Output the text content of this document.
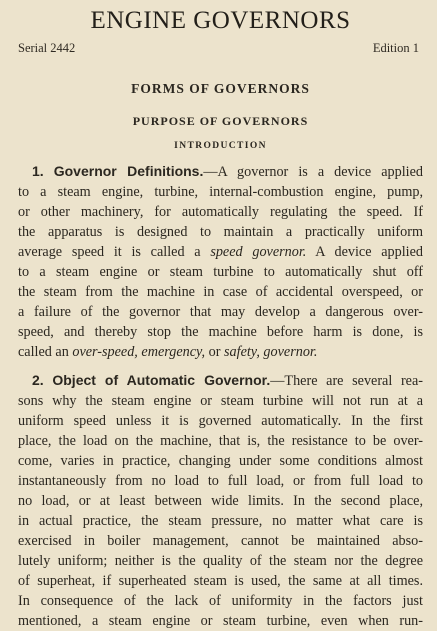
ENGINE GOVERNORS
Serial 2442	Edition 1
FORMS OF GOVERNORS
PURPOSE OF GOVERNORS
INTRODUCTION
1. Governor Definitions.—A governor is a device applied
to a steam engine, turbine, internal-combustion engine, pump,
or other machinery, for automatically regulating the speed. If
the apparatus is designed to maintain a practically uniform
average speed it is called a speed governor. A device applied
to a steam engine or steam turbine to automatically shut off
the steam from the machine in case of accidental overspeed, or
a failure of the governor that may develop a dangerous over-
speed, and thereby stop the machine before harm is done, is
called an over-speed, emergency, or safety, governor.
2. Object of Automatic Governor.—There are several rea-
sons why the steam engine or steam turbine will not run at a
uniform speed unless it is governed automatically. In the first
place, the load on the machine, that is, the resistance to be over-
come, varies in practice, changing under some conditions almost
instantaneously from no load to full load, or from full load to
no load, or at least between wide limits. In the second place,
in actual practice, the steam pressure, no matter what care is
exercised in boiler management, cannot be maintained abso-
lutely uniform; neither is the quality of the steam nor the degree
of superheat, if superheated steam is used, the same at all times.
In consequence of the lack of uniformity in the factors just
mentioned, a steam engine or steam turbine, even when run-
